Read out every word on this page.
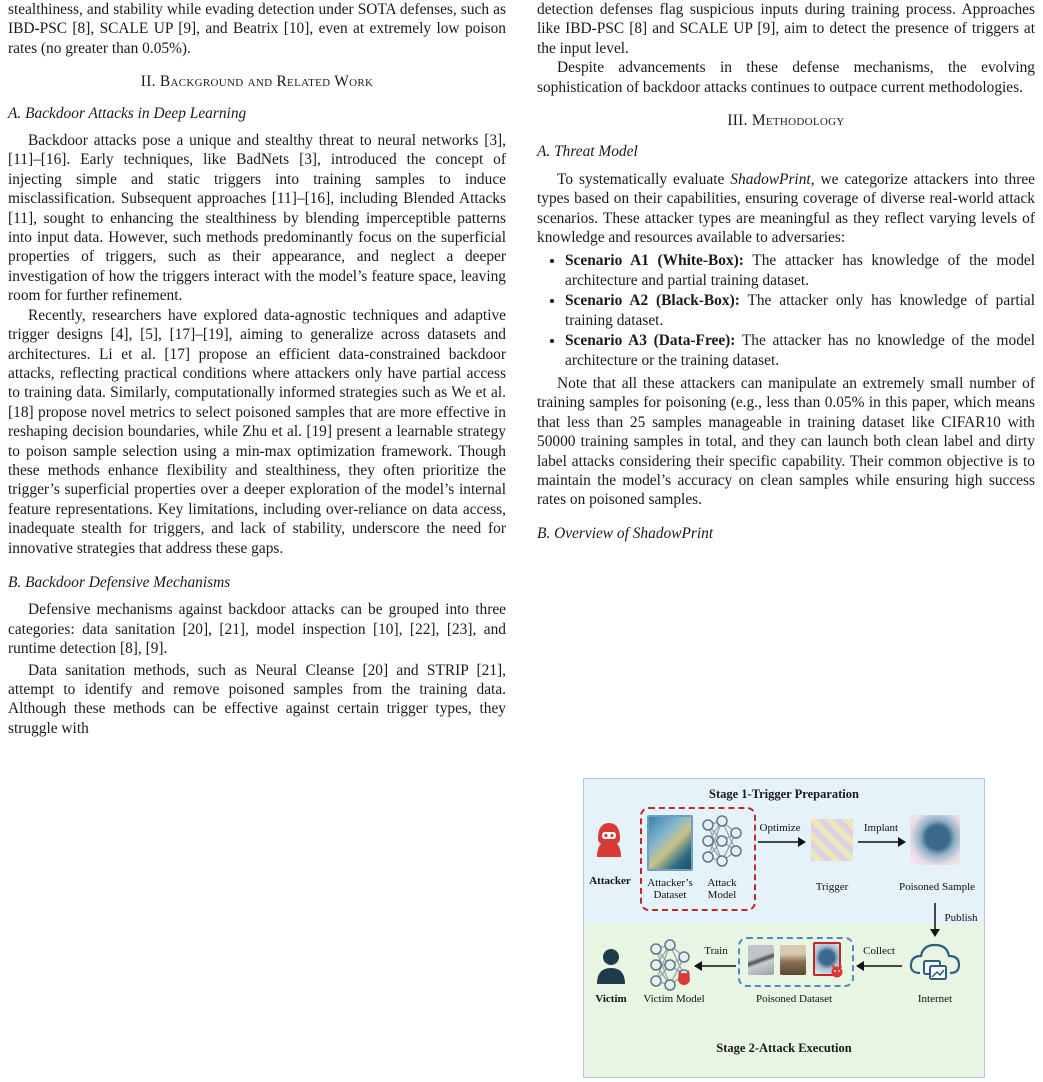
stealthiness, and stability while evading detection under SOTA defenses, such as IBD-PSC [8], SCALE UP [9], and Beatrix [10], even at extremely low poison rates (no greater than 0.05%).

II. Background and Related Work
A. Backdoor Attacks in Deep Learning

Backdoor attacks pose a unique and stealthy threat to neural networks [3], [11]–[16]. Early techniques, like BadNets [3], introduced the concept of injecting simple and static triggers into training samples to induce misclassification. Subsequent approaches [11]–[16], including Blended Attacks [11], sought to enhancing the stealthiness by blending imperceptible patterns into input data. However, such methods predominantly focus on the superficial properties of triggers, such as their appearance, and neglect a deeper investigation of how the triggers interact with the model’s feature space, leaving room for further refinement.

Recently, researchers have explored data-agnostic techniques and adaptive trigger designs [4], [5], [17]–[19], aiming to generalize across datasets and architectures. Li et al. [17] propose an efficient data-constrained backdoor attacks, reflecting practical conditions where attackers only have partial access to training data. Similarly, computationally informed strategies such as We et al. [18] propose novel metrics to select poisoned samples that are more effective in reshaping decision boundaries, while Zhu et al. [19] present a learnable strategy to poison sample selection using a min-max optimization framework. Though these methods enhance flexibility and stealthiness, they often prioritize the trigger’s superficial properties over a deeper exploration of the model’s internal feature representations. Key limitations, including over-reliance on data access, inadequate stealth for triggers, and lack of stability, underscore the need for innovative strategies that address these gaps.

B. Backdoor Defensive Mechanisms

Defensive mechanisms against backdoor attacks can be grouped into three categories: data sanitation [20], [21], model inspection [10], [22], [23], and runtime detection [8], [9].

Data sanitation methods, such as Neural Cleanse [20] and STRIP [21], attempt to identify and remove poisoned samples from the training data. Although these methods can be effective against certain trigger types, they struggle with

detection defenses flag suspicious inputs during training process. Approaches like IBD-PSC [8] and SCALE UP [9], aim to detect the presence of triggers at the input level.

Despite advancements in these defense mechanisms, the evolving sophistication of backdoor attacks continues to outpace current methodologies.

III. Methodology
A. Threat Model

To systematically evaluate ShadowPrint, we categorize attackers into three types based on their capabilities, ensuring coverage of diverse real-world attack scenarios. These attacker types are meaningful as they reflect varying levels of knowledge and resources available to adversaries:

• Scenario A1 (White-Box): The attacker has knowledge of the model architecture and partial training dataset.
• Scenario A2 (Black-Box): The attacker only has knowledge of partial training dataset.
• Scenario A3 (Data-Free): The attacker has no knowledge of the model architecture or the training dataset.

Note that all these attackers can manipulate an extremely small number of training samples for poisoning (e.g., less than 0.05% in this paper, which means that less than 25 samples manageable in training dataset like CIFAR10 with 50000 training samples in total, and they can launch both clean label and dirty label attacks considering their specific capability. Their common objective is to maintain the model’s accuracy on clean samples while ensuring high success rates on poisoned samples.

B. Overview of ShadowPrint
Stage 1-Trigger Preparation
Attacker	Attacker’s Dataset
Attack Model
Optimize
Trigger
Implant
Poisoned Sample
Publish
Internet
Collect
Poisoned Dataset
Train
Victim Model
Victim
Stage 2-Attack Execution
